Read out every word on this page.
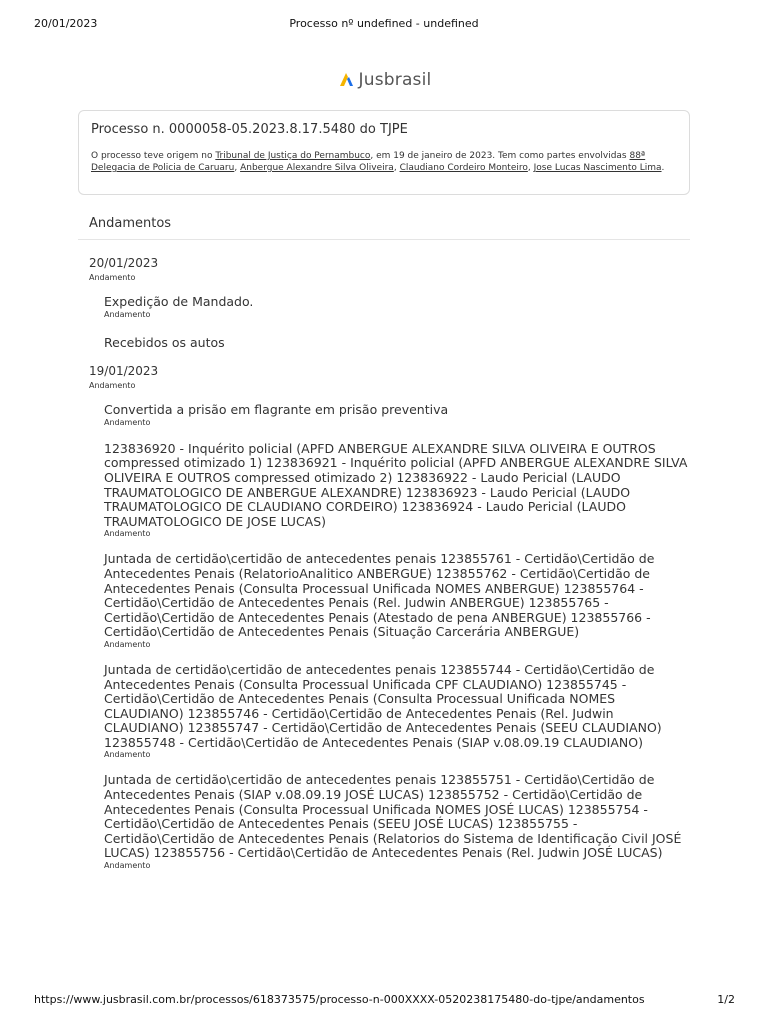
20/01/2023	Processo nº undefined - undefined
Jusbrasil
Processo n. 0000058-05.2023.8.17.5480 do TJPE
O processo teve origem no Tribunal de Justiça do Pernambuco, em 19 de janeiro de 2023. Tem como partes envolvidas 88ª Delegacia de Policia de Caruaru, Anbergue Alexandre Silva Oliveira, Claudiano Cordeiro Monteiro, Jose Lucas Nascimento Lima.
Andamentos
20/01/2023
Andamento
Expedição de Mandado.
Andamento
Recebidos os autos
19/01/2023
Andamento
Convertida a prisão em flagrante em prisão preventiva
Andamento
123836920 - Inquérito policial (APFD ANBERGUE ALEXANDRE SILVA OLIVEIRA E OUTROS compressed otimizado 1) 123836921 - Inquérito policial (APFD ANBERGUE ALEXANDRE SILVA OLIVEIRA E OUTROS compressed otimizado 2) 123836922 - Laudo Pericial (LAUDO TRAUMATOLOGICO DE ANBERGUE ALEXANDRE) 123836923 - Laudo Pericial (LAUDO TRAUMATOLOGICO DE CLAUDIANO CORDEIRO) 123836924 - Laudo Pericial (LAUDO TRAUMATOLOGICO DE JOSE LUCAS)
Andamento
Juntada de certidão\certidão de antecedentes penais 123855761 - Certidão\Certidão de Antecedentes Penais (RelatorioAnalitico ANBERGUE) 123855762 - Certidão\Certidão de Antecedentes Penais (Consulta Processual Unificada NOMES ANBERGUE) 123855764 - Certidão\Certidão de Antecedentes Penais (Rel. Judwin ANBERGUE) 123855765 - Certidão\Certidão de Antecedentes Penais (Atestado de pena ANBERGUE) 123855766 - Certidão\Certidão de Antecedentes Penais (Situação Carcerária ANBERGUE)
Andamento
Juntada de certidão\certidão de antecedentes penais 123855744 - Certidão\Certidão de Antecedentes Penais (Consulta Processual Unificada CPF CLAUDIANO) 123855745 - Certidão\Certidão de Antecedentes Penais (Consulta Processual Unificada NOMES CLAUDIANO) 123855746 - Certidão\Certidão de Antecedentes Penais (Rel. Judwin CLAUDIANO) 123855747 - Certidão\Certidão de Antecedentes Penais (SEEU CLAUDIANO) 123855748 - Certidão\Certidão de Antecedentes Penais (SIAP v.08.09.19 CLAUDIANO)
Andamento
Juntada de certidão\certidão de antecedentes penais 123855751 - Certidão\Certidão de Antecedentes Penais (SIAP v.08.09.19 JOSÉ LUCAS) 123855752 - Certidão\Certidão de Antecedentes Penais (Consulta Processual Unificada NOMES JOSÉ LUCAS) 123855754 - Certidão\Certidão de Antecedentes Penais (SEEU JOSÉ LUCAS) 123855755 - Certidão\Certidão de Antecedentes Penais (Relatorios do Sistema de Identificação Civil JOSÉ LUCAS) 123855756 - Certidão\Certidão de Antecedentes Penais (Rel. Judwin JOSÉ LUCAS)
Andamento
https://www.jusbrasil.com.br/processos/618373575/processo-n-000XXXX-0520238175480-do-tjpe/andamentos	1/2
